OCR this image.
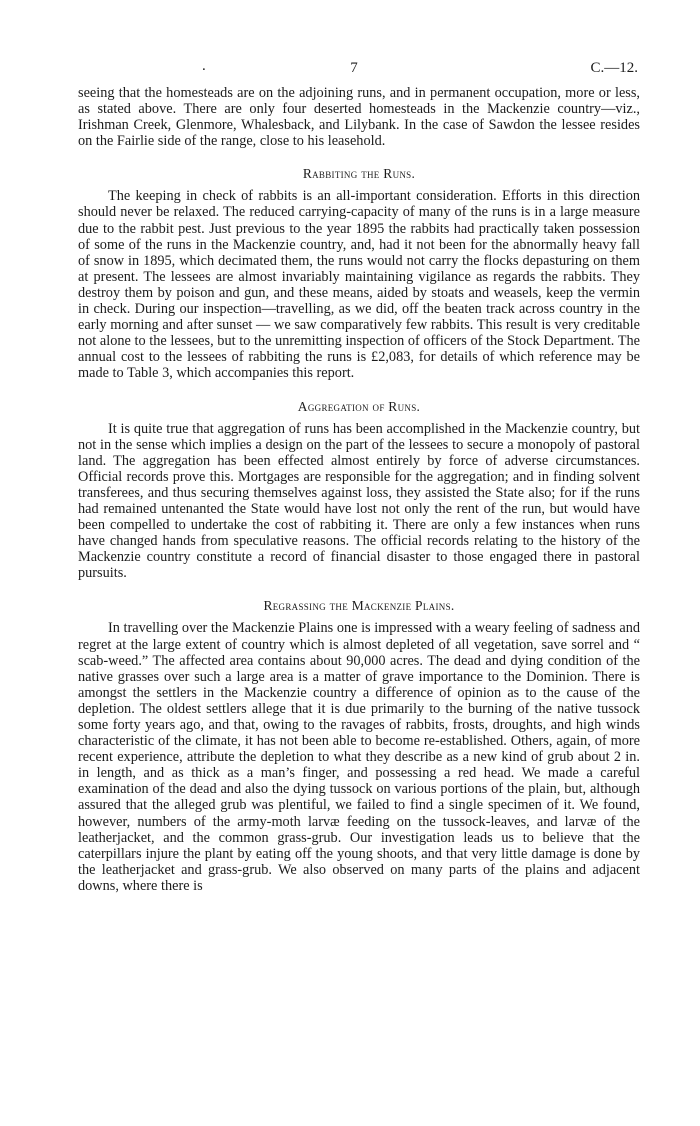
.	7	C.—12.

seeing that the homesteads are on the adjoining runs, and in permanent occupation, more or less, as stated above. There are only four deserted homesteads in the Mackenzie country—viz., Irishman Creek, Glenmore, Whalesback, and Lilybank. In the case of Sawdon the lessee resides on the Fairlie side of the range, close to his leasehold.

Rabbiting the Runs.

The keeping in check of rabbits is an all-important consideration. Efforts in this direction should never be relaxed. The reduced carrying-capacity of many of the runs is in a large measure due to the rabbit pest. Just previous to the year 1895 the rabbits had practically taken possession of some of the runs in the Mackenzie country, and, had it not been for the abnormally heavy fall of snow in 1895, which decimated them, the runs would not carry the flocks depasturing on them at present. The lessees are almost invariably maintaining vigilance as regards the rabbits. They destroy them by poison and gun, and these means, aided by stoats and weasels, keep the vermin in check. During our inspection—travelling, as we did, off the beaten track across country in the early morning and after sunset — we saw comparatively few rabbits. This result is very creditable not alone to the lessees, but to the unremitting inspection of officers of the Stock Department. The annual cost to the lessees of rabbiting the runs is £2,083, for details of which reference may be made to Table 3, which accompanies this report.

Aggregation of Runs.

It is quite true that aggregation of runs has been accomplished in the Mackenzie country, but not in the sense which implies a design on the part of the lessees to secure a monopoly of pastoral land. The aggregation has been effected almost entirely by force of adverse circumstances. Official records prove this. Mortgages are responsible for the aggregation; and in finding solvent transferees, and thus securing themselves against loss, they assisted the State also; for if the runs had remained untenanted the State would have lost not only the rent of the run, but would have been compelled to undertake the cost of rabbiting it. There are only a few instances when runs have changed hands from speculative reasons. The official records relating to the history of the Mackenzie country constitute a record of financial disaster to those engaged there in pastoral pursuits.

Regrassing the Mackenzie Plains.

In travelling over the Mackenzie Plains one is impressed with a weary feeling of sadness and regret at the large extent of country which is almost depleted of all vegetation, save sorrel and “ scab-weed.” The affected area contains about 90,000 acres. The dead and dying condition of the native grasses over such a large area is a matter of grave importance to the Dominion. There is amongst the settlers in the Mackenzie country a difference of opinion as to the cause of the depletion. The oldest settlers allege that it is due primarily to the burning of the native tussock some forty years ago, and that, owing to the ravages of rabbits, frosts, droughts, and high winds characteristic of the climate, it has not been able to become re-established. Others, again, of more recent experience, attribute the depletion to what they describe as a new kind of grub about 2 in. in length, and as thick as a man’s finger, and possessing a red head. We made a careful examination of the dead and also the dying tussock on various portions of the plain, but, although assured that the alleged grub was plentiful, we failed to find a single specimen of it. We found, however, numbers of the army-moth larvæ feeding on the tussock-leaves, and larvæ of the leatherjacket, and the common grass-grub. Our investigation leads us to believe that the caterpillars injure the plant by eating off the young shoots, and that very little damage is done by the leatherjacket and grass-grub. We also observed on many parts of the plains and adjacent downs, where there is
